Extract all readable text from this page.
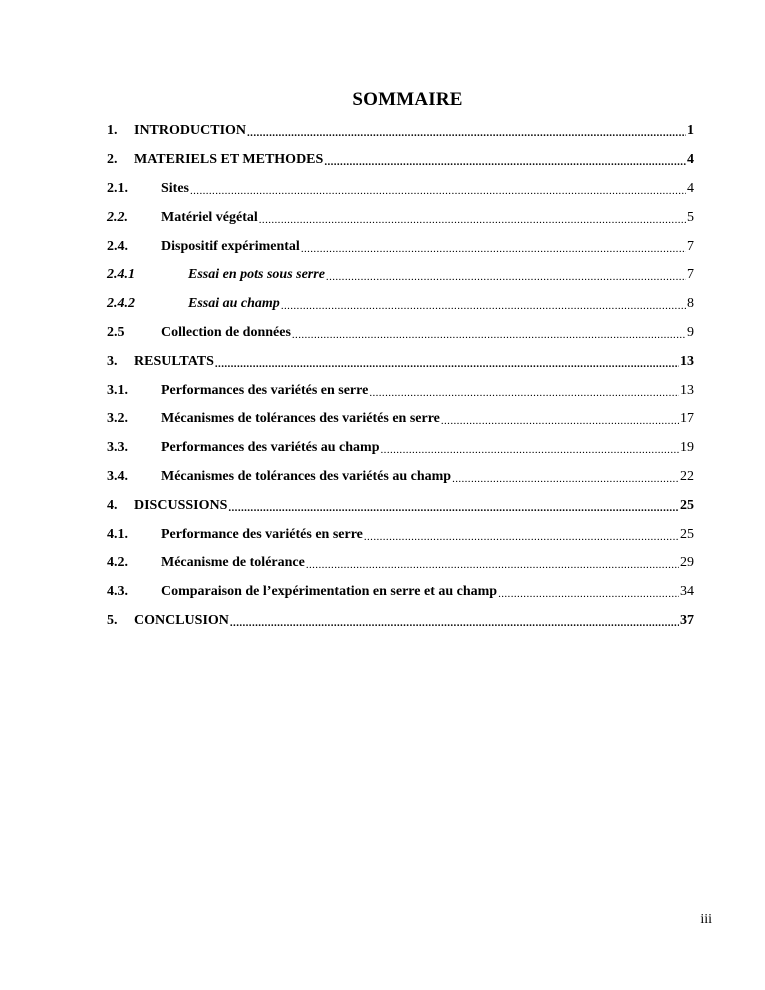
SOMMAIRE
1.	INTRODUCTION .....	1
2.	MATERIELS ET METHODES .....	4
2.1.	Sites .....	4
2.2.	Matériel végétal .....	5
2.4.	Dispositif expérimental .....	7
2.4.1	Essai en pots sous serre .....	7
2.4.2	Essai au champ .....	8
2.5	Collection de données .....	9
3.	RESULTATS .....	13
3.1.	Performances des variétés en serre .....	13
3.2.	Mécanismes de tolérances des variétés en serre .....	17
3.3.	Performances des variétés au champ .....	19
3.4.	Mécanismes de tolérances des variétés au champ .....	22
4.	DISCUSSIONS .....	25
4.1.	Performance des variétés en serre .....	25
4.2.	Mécanisme de tolérance .....	29
4.3.	Comparaison de l’expérimentation en serre et au champ .....	34
5.	CONCLUSION .....	37
iii
